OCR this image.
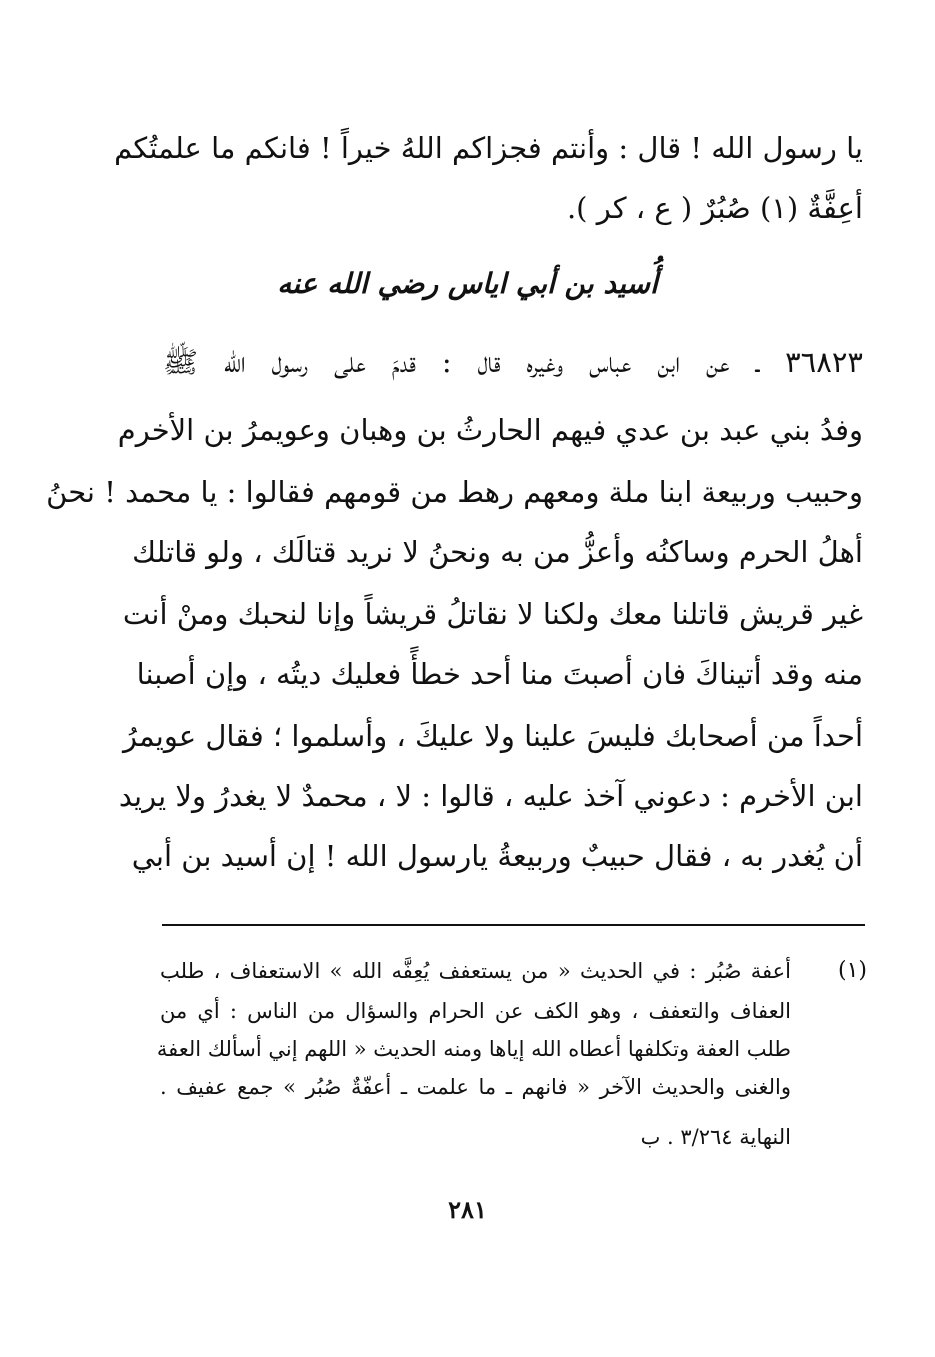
يا رسول الله ! قال : وأنتم فجزاكم اللهُ خيراً ! فانكم ما علمتُكم
أعِفَّةٌ (١) صُبُرٌ ( ع ، كر ).
أُسيد بن أبي اياس رضي الله عنه
٣٦٨٢٣ ـ عن ابن عباس وغيره قال : قدمَ على رسول الله ﷺ
وفدُ بني عبد بن عدي فيهم الحارثُ بن وهبان وعويمرُ بن الأخرم
وحبيب وربيعة ابنا ملة ومعهم رهط من قومهم فقالوا : يا محمد ! نحنُ
أهلُ الحرم وساكنُه وأعزُّ من به ونحنُ لا نريد قتالَك ، ولو قاتلك
غير قريش قاتلنا معك ولكنا لا نقاتلُ قريشاً وإنا لنحبك ومنْ أنت
منه وقد أتيناكَ فان أصبتَ منا أحد خطأً فعليك ديتُه ، وإن أصبنا
أحداً من أصحابك فليسَ علينا ولا عليكَ ، وأسلموا ؛ فقال عويمرُ
ابن الأخرم : دعوني آخذ عليه ، قالوا : لا ، محمدٌ لا يغدرُ ولا يريد
أن يُغدر به ، فقال حبيبٌ وربيعةُ يارسول الله ! إن أسيد بن أبي
(١)
أعفة صُبُر : في الحديث « من يستعفف يُعِفَّه الله » الاستعفاف ، طلب
العفاف والتعفف ، وهو الكف عن الحرام والسؤال من الناس : أي من
طلب العفة وتكلفها أعطاه الله إياها ومنه الحديث « اللهم إني أسألك العفة
والغنى والحديث الآخر « فانهم ـ ما علمت ـ أعفّةٌ صُبُر » جمع عفيف .
النهاية ٣/٢٦٤ . ب
٢٨١
